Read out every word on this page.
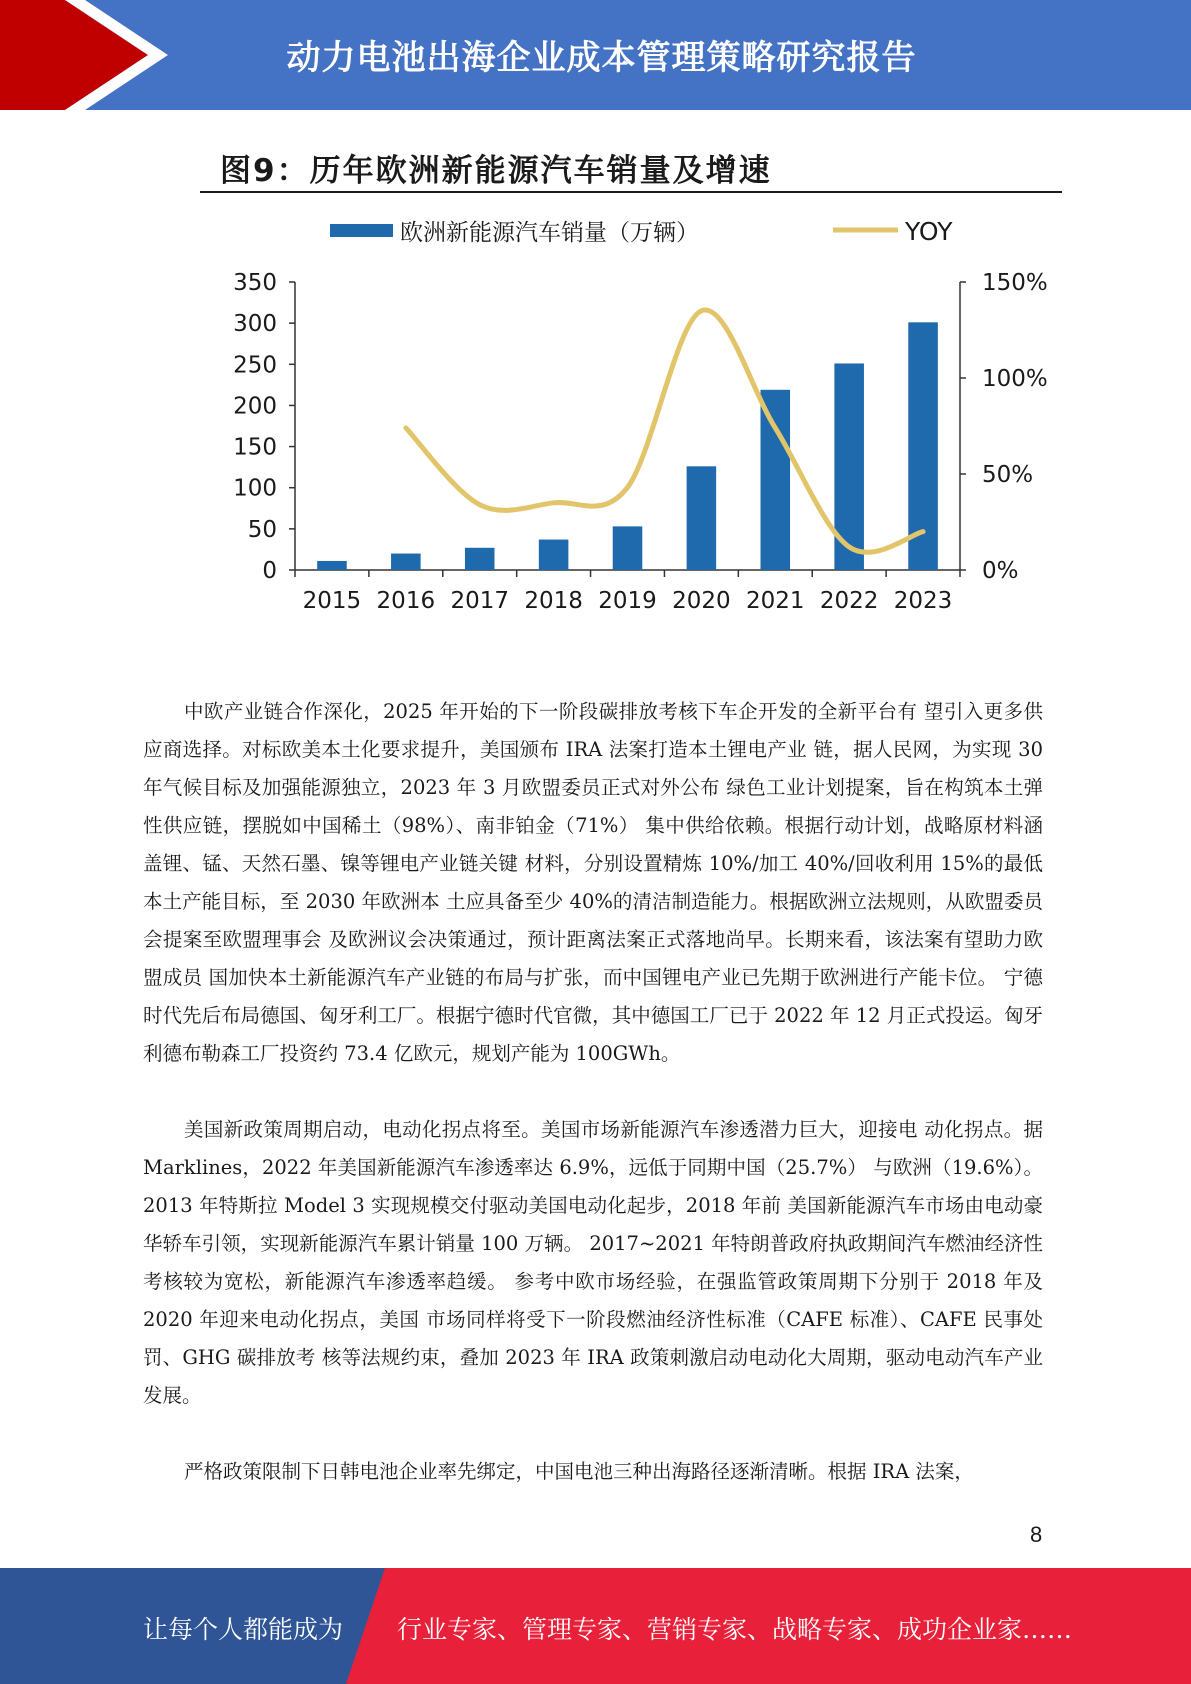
动力电池出海企业成本管理策略研究报告
图9：历年欧洲新能源汽车销量及增速
欧洲新能源汽车销量（万辆）	YOY
0
50
100
150
200
250
300
350
0%
50%
100%
150%
2015 2016 2017 2018 2019 2020 2021 2022 2023

中欧产业链合作深化，2025 年开始的下一阶段碳排放考核下车企开发的全新平台有 望引入更多供应商选择。对标欧美本土化要求提升，美国颁布 IRA 法案打造本土锂电产业 链，据人民网，为实现 30 年气候目标及加强能源独立，2023 年 3 月欧盟委员正式对外公布 绿色工业计划提案，旨在构筑本土弹性供应链，摆脱如中国稀土（98%）、南非铂金（71%） 集中供给依赖。根据行动计划，战略原材料涵盖锂、锰、天然石墨、镍等锂电产业链关键 材料，分别设置精炼 10%/加工 40%/回收利用 15%的最低本土产能目标，至 2030 年欧洲本 土应具备至少 40%的清洁制造能力。根据欧洲立法规则，从欧盟委员会提案至欧盟理事会 及欧洲议会决策通过，预计距离法案正式落地尚早。长期来看，该法案有望助力欧盟成员 国加快本土新能源汽车产业链的布局与扩张，而中国锂电产业已先期于欧洲进行产能卡位。 宁德时代先后布局德国、匈牙利工厂。根据宁德时代官微，其中德国工厂已于 2022 年 12 月正式投运。匈牙利德布勒森工厂投资约 73.4 亿欧元，规划产能为 100GWh。

美国新政策周期启动，电动化拐点将至。美国市场新能源汽车渗透潜力巨大，迎接电 动化拐点。据 Marklines，2022 年美国新能源汽车渗透率达 6.9%，远低于同期中国（25.7%） 与欧洲（19.6%）。2013 年特斯拉 Model 3 实现规模交付驱动美国电动化起步，2018 年前 美国新能源汽车市场由电动豪华轿车引领，实现新能源汽车累计销量 100 万辆。 2017~2021 年特朗普政府执政期间汽车燃油经济性考核较为宽松，新能源汽车渗透率趋缓。 参考中欧市场经验，在强监管政策周期下分别于 2018 年及 2020 年迎来电动化拐点，美国 市场同样将受下一阶段燃油经济性标准（CAFE 标准）、CAFE 民事处罚、GHG 碳排放考 核等法规约束，叠加 2023 年 IRA 政策刺激启动电动化大周期，驱动电动汽车产业发展。

严格政策限制下日韩电池企业率先绑定，中国电池三种出海路径逐渐清晰。根据 IRA 法案，

8
让每个人都能成为 行业专家、管理专家、营销专家、战略专家、成功企业家……
